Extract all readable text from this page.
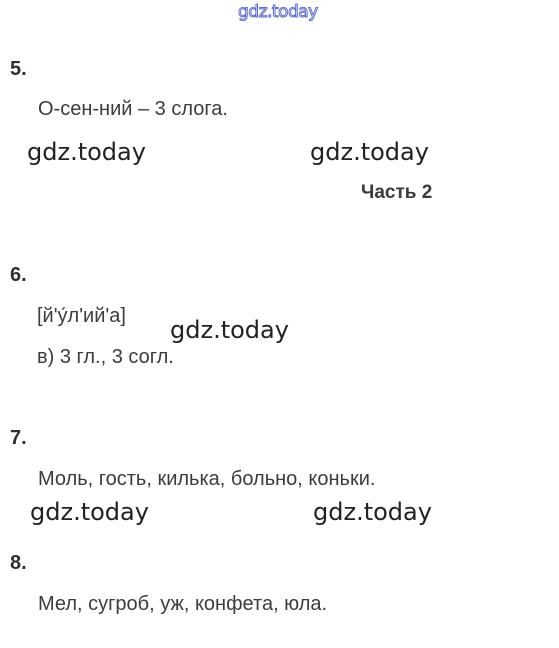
gdz.today
5.
О-сен-ний – 3 слога.
gdz.today	gdz.today
Часть 2
6.
[й'у́л'ий'а] gdz.today
в) 3 гл., 3 согл.
7.
Моль, гость, килька, больно, коньки.
gdz.today	gdz.today
8.
Мел, сугроб, уж, конфета, юла.
